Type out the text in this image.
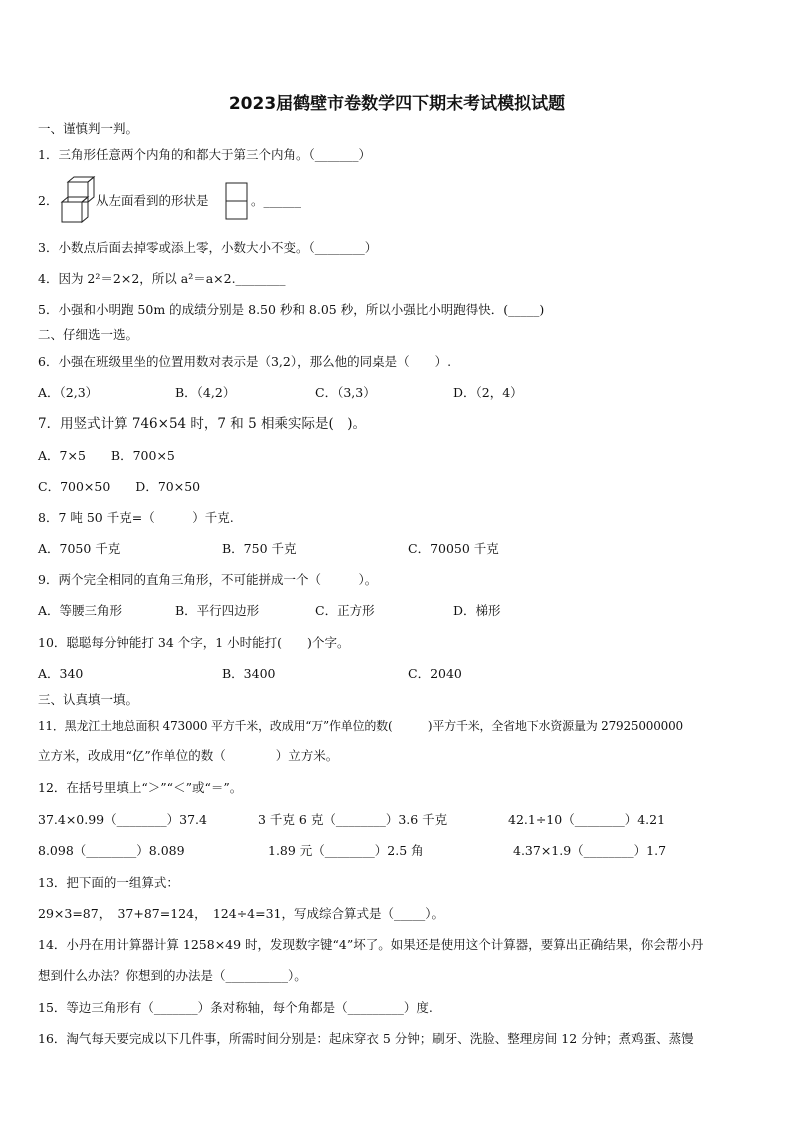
2023届鹤壁市卷数学四下期末考试模拟试题
一、谨慎判一判。
1．三角形任意两个内角的和都大于第三个内角。（_______）
2．	从左面看到的形状是	。______
3．小数点后面去掉零或添上零，小数大小不变。（________）
4．因为 2²＝2×2，所以 a²＝a×2.________
5．小强和小明跑 50m 的成绩分别是 8.50 秒和 8.05 秒，所以小强比小明跑得快．(_____)
二、仔细选一选。
6．小强在班级里坐的位置用数对表示是（3,2），那么他的同桌是（　　）.
A．（2,3）	B．（4,2）	C．（3,3）	D．（2，4）
7．用竖式计算 746×54 时，7 和 5 相乘实际是(　)。
A．7×5　　B．700×5
C．700×50　　D．70×50
8．7 吨 50 千克=（　　　）千克.
A．7050 千克	B．750 千克	C．70050 千克
9．两个完全相同的直角三角形，不可能拼成一个（　　　）。
A．等腰三角形	B．平行四边形	C．正方形	D．梯形
10．聪聪每分钟能打 34 个字，1 小时能打(　　)个字。
A．340	B．3400	C．2040
三、认真填一填。
11．黑龙江土地总面积 473000 平方千米，改成用“万”作单位的数(　　　)平方千米，全省地下水资源量为 27925000000
立方米，改成用“亿”作单位的数（　　　　）立方米。
12．在括号里填上“＞”“＜”或“＝”。
37.4×0.99（________）37.4	3 千克 6 克（________）3.6 千克	42.1÷10（________）4.21
8.098（________）8.089	1.89 元（________）2.5 角	4.37×1.9（________）1.7
13．把下面的一组算式：
29×3=87，　37+87=124，　124÷4=31，写成综合算式是（_____）。
14．小丹在用计算器计算 1258×49 时，发现数字键“4”坏了。如果还是使用这个计算器，要算出正确结果，你会帮小丹
想到什么办法？你想到的办法是（__________）。
15．等边三角形有（_______）条对称轴，每个角都是（_________）度.
16．淘气每天要完成以下几件事，所需时间分别是：起床穿衣 5 分钟；刷牙、洗脸、整理房间 12 分钟；煮鸡蛋、蒸馒
